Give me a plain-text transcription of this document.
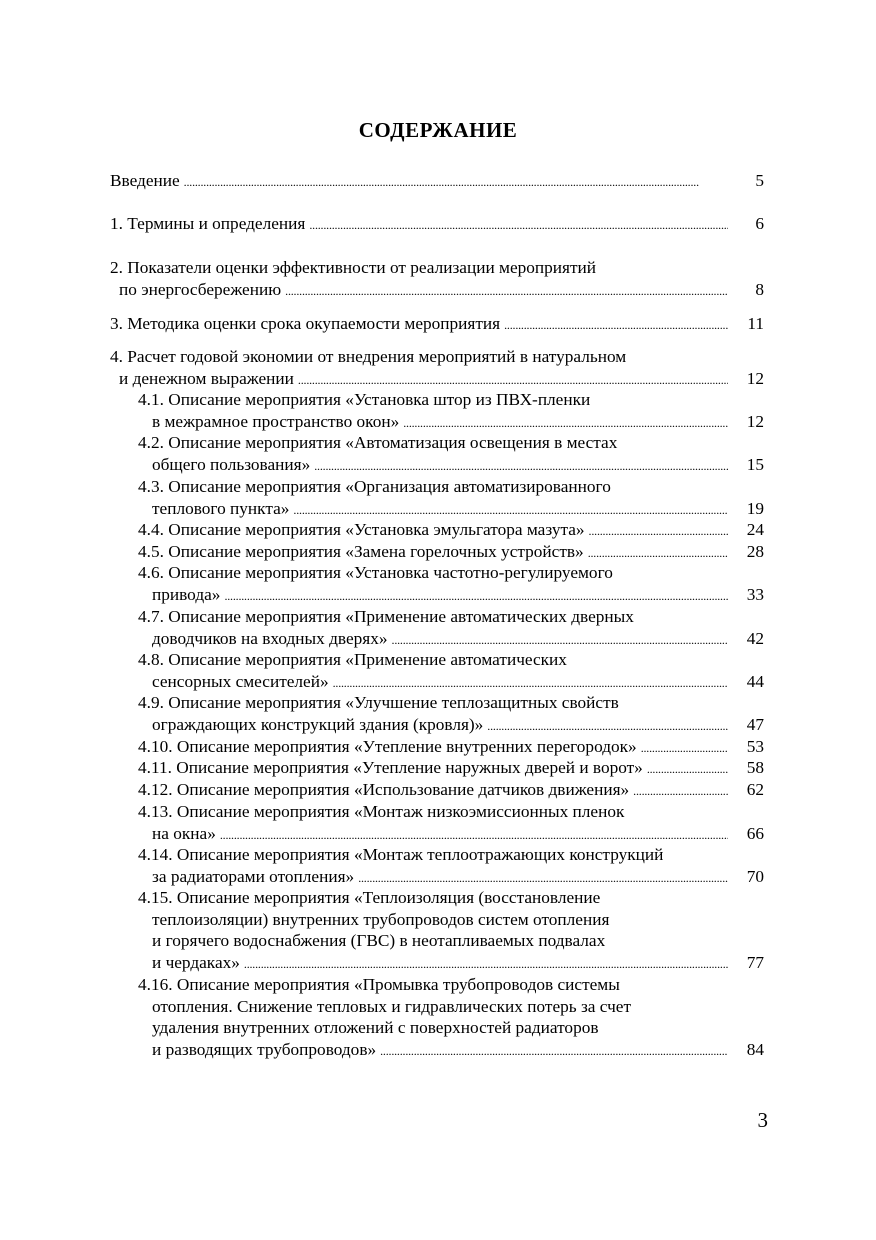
СОДЕРЖАНИЕ
Введение . . .	5
1. Термины и определения . . .	6
2. Показатели оценки эффективности от реализации мероприятий
по энергосбережению . . .	8
3. Методика оценки срока окупаемости мероприятия . . .	11
4. Расчет годовой экономии от внедрения мероприятий в натуральном
и денежном выражении . . .	12
4.1. Описание мероприятия «Установка штор из ПВХ-пленки
в межрамное пространство окон» . . .	12
4.2. Описание мероприятия «Автоматизация освещения в местах
общего пользования» . . .	15
4.3. Описание мероприятия «Организация автоматизированного
теплового пункта» . . .	19
4.4. Описание мероприятия «Установка эмульгатора мазута» . . .	24
4.5. Описание мероприятия «Замена горелочных устройств» . . .	28
4.6. Описание мероприятия «Установка частотно-регулируемого
привода» . . .	33
4.7. Описание мероприятия «Применение автоматических дверных
доводчиков на входных дверях» . . .	42
4.8. Описание мероприятия «Применение автоматических
сенсорных смесителей» . . .	44
4.9. Описание мероприятия «Улучшение теплозащитных свойств
ограждающих конструкций здания (кровля)» . . .	47
4.10. Описание мероприятия «Утепление внутренних перегородок» . . .	53
4.11. Описание мероприятия «Утепление наружных дверей и ворот» . . .	58
4.12. Описание мероприятия «Использование датчиков движения» . . .	62
4.13. Описание мероприятия «Монтаж низкоэмиссионных пленок
на окна» . . .	66
4.14. Описание мероприятия «Монтаж теплоотражающих конструкций
за радиаторами отопления» . . .	70
4.15. Описание мероприятия «Теплоизоляция (восстановление
теплоизоляции) внутренних трубопроводов систем отопления
и горячего водоснабжения (ГВС) в неотапливаемых подвалах
и чердаках» . . .	77
4.16. Описание мероприятия «Промывка трубопроводов системы
отопления. Снижение тепловых и гидравлических потерь за счет
удаления внутренних отложений с поверхностей радиаторов
и разводящих трубопроводов» . . .	84
3
